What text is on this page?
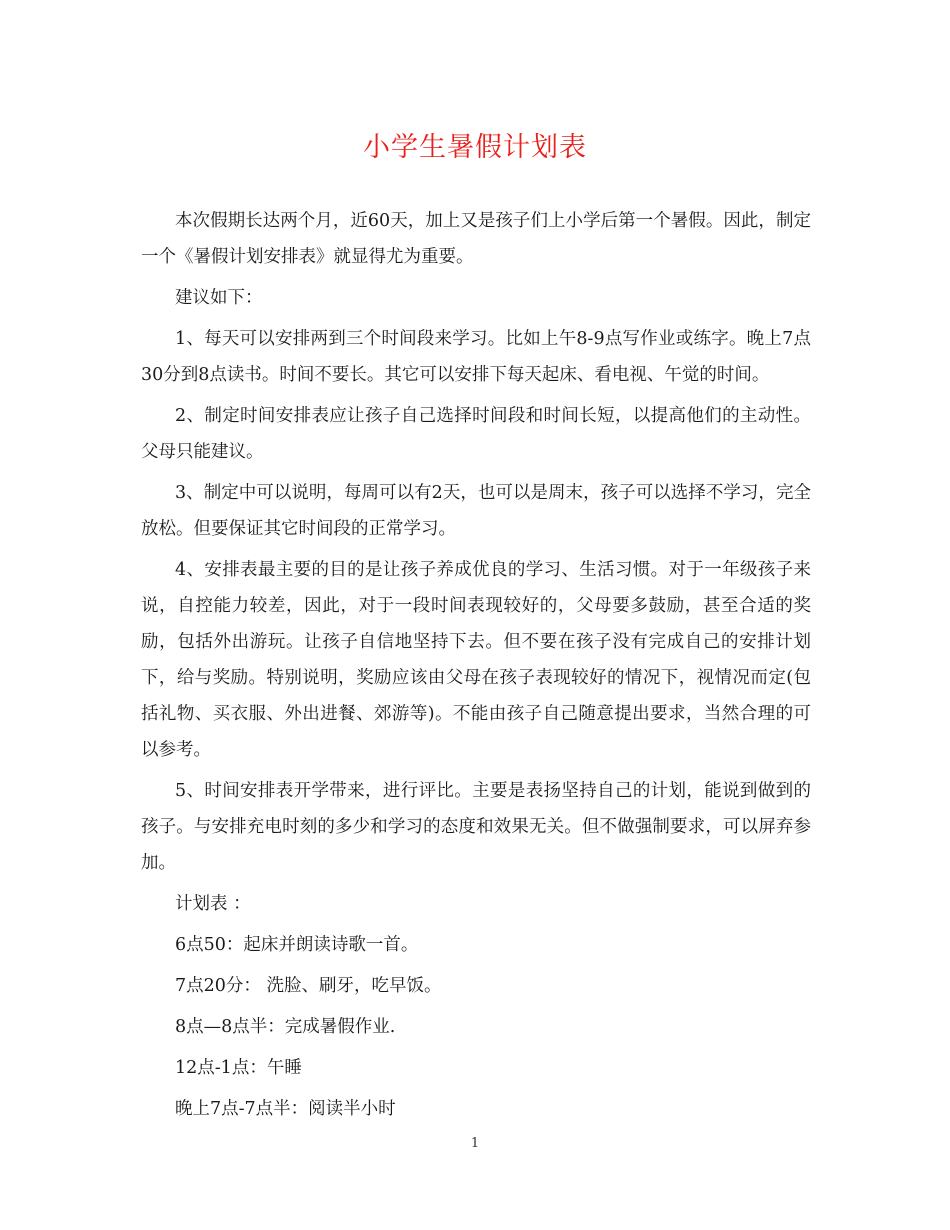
小学生暑假计划表

本次假期长达两个月，近60天，加上又是孩子们上小学后第一个暑假。因此，制定一个《暑假计划安排表》就显得尤为重要。

建议如下：

1、每天可以安排两到三个时间段来学习。比如上午8-9点写作业或练字。晚上7点30分到8点读书。时间不要长。其它可以安排下每天起床、看电视、午觉的时间。

2、制定时间安排表应让孩子自己选择时间段和时间长短，以提高他们的主动性。父母只能建议。

3、制定中可以说明，每周可以有2天，也可以是周末，孩子可以选择不学习，完全放松。但要保证其它时间段的正常学习。

4、安排表最主要的目的是让孩子养成优良的学习、生活习惯。对于一年级孩子来说，自控能力较差，因此，对于一段时间表现较好的，父母要多鼓励，甚至合适的奖励，包括外出游玩。让孩子自信地坚持下去。但不要在孩子没有完成自己的安排计划下，给与奖励。特别说明，奖励应该由父母在孩子表现较好的情况下，视情况而定(包括礼物、买衣服、外出进餐、郊游等)。不能由孩子自己随意提出要求，当然合理的可以参考。

5、时间安排表开学带来，进行评比。主要是表扬坚持自己的计划，能说到做到的孩子。与安排充电时刻的多少和学习的态度和效果无关。但不做强制要求，可以屏弃参加。

计划表 ：

6点50：起床并朗读诗歌一首。

7点20分： 洗脸、刷牙，吃早饭。

8点—8点半：完成暑假作业.

12点-1点：午睡

晚上7点-7点半：阅读半小时

1
